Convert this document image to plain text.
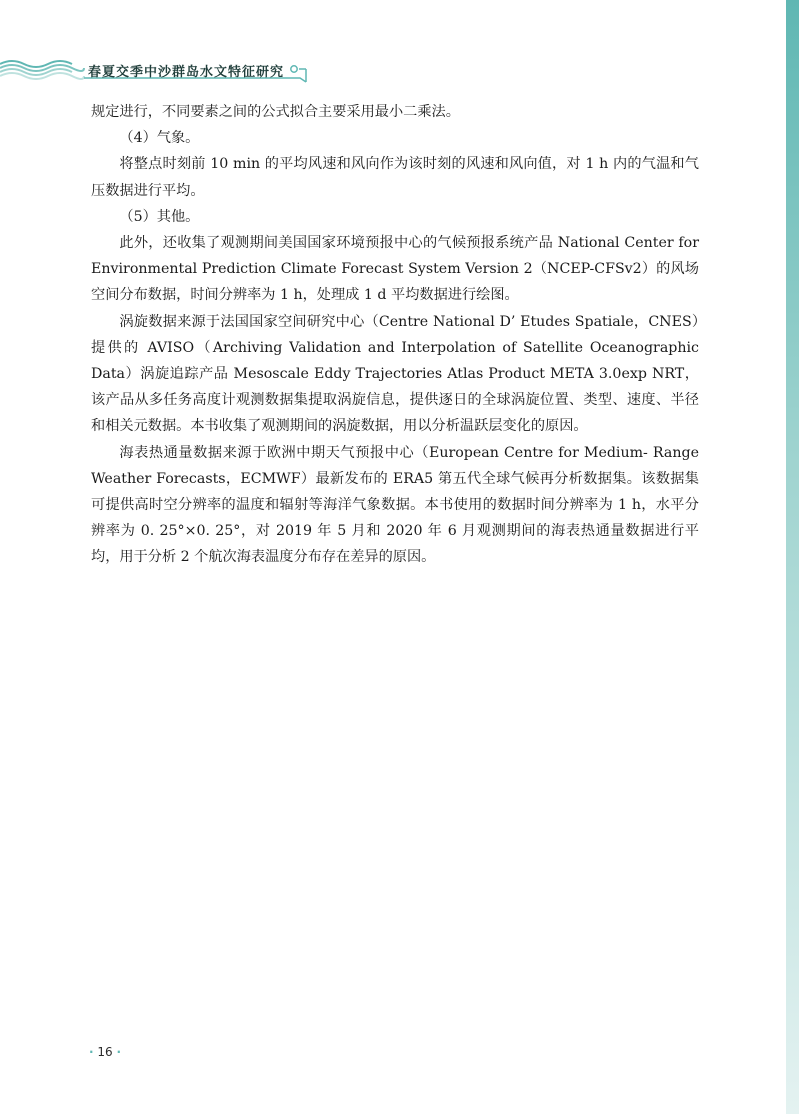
春夏交季中沙群岛水文特征研究

规定进行，不同要素之间的公式拟合主要采用最小二乘法。

（4）气象。

将整点时刻前 10 min 的平均风速和风向作为该时刻的风速和风向值，对 1 h 内的气温和气压数据进行平均。

（5）其他。

此外，还收集了观测期间美国国家环境预报中心的气候预报系统产品 National Center for Environmental Prediction Climate Forecast System Version 2（NCEP-CFSv2）的风场空间分布数据，时间分辨率为 1 h，处理成 1 d 平均数据进行绘图。

涡旋数据来源于法国国家空间研究中心（Centre National D’ Etudes Spatiale，CNES）提供的 AVISO（Archiving Validation and Interpolation of Satellite Oceanographic Data）涡旋追踪产品 Mesoscale Eddy Trajectories Atlas Product META 3.0exp NRT，该产品从多任务高度计观测数据集提取涡旋信息，提供逐日的全球涡旋位置、类型、速度、半径和相关元数据。本书收集了观测期间的涡旋数据，用以分析温跃层变化的原因。

海表热通量数据来源于欧洲中期天气预报中心（European Centre for Medium- Range Weather Forecasts，ECMWF）最新发布的 ERA5 第五代全球气候再分析数据集。该数据集可提供高时空分辨率的温度和辐射等海洋气象数据。本书使用的数据时间分辨率为 1 h，水平分辨率为 0. 25°×0. 25°，对 2019 年 5 月和 2020 年 6 月观测期间的海表热通量数据进行平均，用于分析 2 个航次海表温度分布存在差异的原因。

· 16 ·
